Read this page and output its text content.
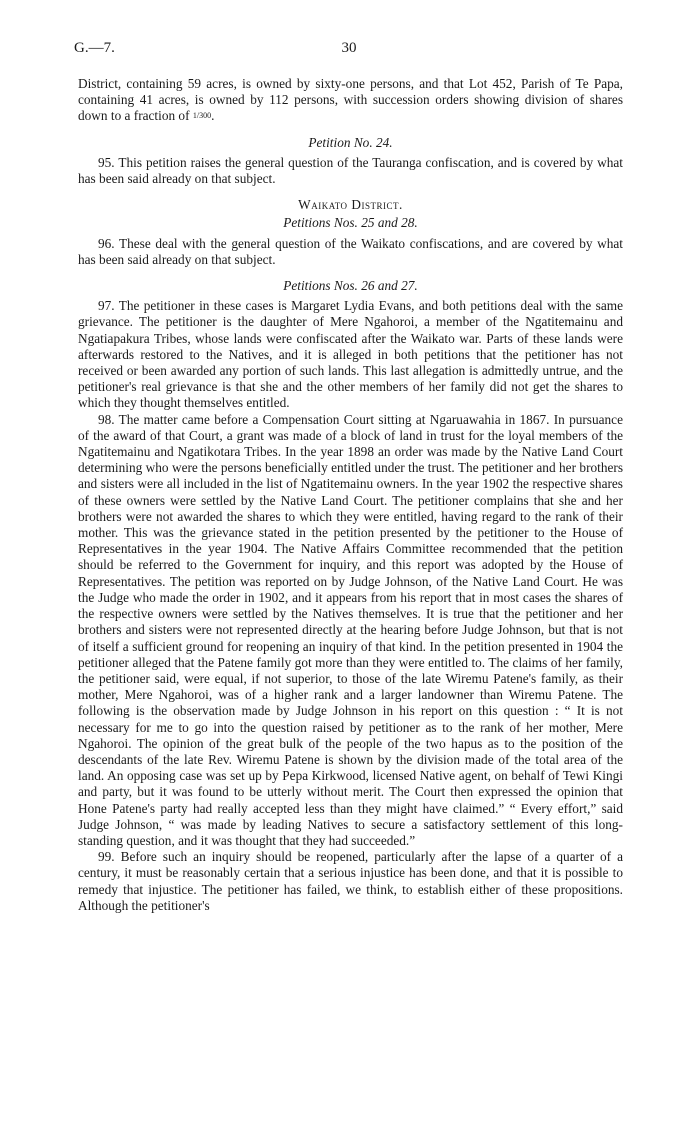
G.—7.	30

District, containing 59 acres, is owned by sixty-one persons, and that Lot 452, Parish of Te Papa, containing 41 acres, is owned by 112 persons, with succession orders showing division of shares down to a fraction of 1/300.

Petition No. 24.

95. This petition raises the general question of the Tauranga confiscation, and is covered by what has been said already on that subject.

Waikato District.
Petitions Nos. 25 and 28.

96. These deal with the general question of the Waikato confiscations, and are covered by what has been said already on that subject.

Petitions Nos. 26 and 27.

97. The petitioner in these cases is Margaret Lydia Evans, and both petitions deal with the same grievance. The petitioner is the daughter of Mere Ngahoroi, a member of the Ngatitemainu and Ngatiapakura Tribes, whose lands were confiscated after the Waikato war. Parts of these lands were afterwards restored to the Natives, and it is alleged in both petitions that the petitioner has not received or been awarded any portion of such lands. This last allegation is admittedly untrue, and the petitioner's real grievance is that she and the other members of her family did not get the shares to which they thought themselves entitled.

98. The matter came before a Compensation Court sitting at Ngaruawahia in 1867. In pursuance of the award of that Court, a grant was made of a block of land in trust for the loyal members of the Ngatitemainu and Ngatikotara Tribes. In the year 1898 an order was made by the Native Land Court determining who were the persons beneficially entitled under the trust. The petitioner and her brothers and sisters were all included in the list of Ngatitemainu owners. In the year 1902 the respective shares of these owners were settled by the Native Land Court. The petitioner complains that she and her brothers were not awarded the shares to which they were entitled, having regard to the rank of their mother. This was the grievance stated in the petition presented by the petitioner to the House of Representatives in the year 1904. The Native Affairs Committee recommended that the petition should be referred to the Government for inquiry, and this report was adopted by the House of Representatives. The petition was reported on by Judge Johnson, of the Native Land Court. He was the Judge who made the order in 1902, and it appears from his report that in most cases the shares of the respective owners were settled by the Natives themselves. It is true that the petitioner and her brothers and sisters were not represented directly at the hearing before Judge Johnson, but that is not of itself a sufficient ground for reopening an inquiry of that kind. In the petition presented in 1904 the petitioner alleged that the Patene family got more than they were entitled to. The claims of her family, the petitioner said, were equal, if not superior, to those of the late Wiremu Patene's family, as their mother, Mere Ngahoroi, was of a higher rank and a larger landowner than Wiremu Patene. The following is the observation made by Judge Johnson in his report on this question : “ It is not necessary for me to go into the question raised by petitioner as to the rank of her mother, Mere Ngahoroi. The opinion of the great bulk of the people of the two hapus as to the position of the descendants of the late Rev. Wiremu Patene is shown by the division made of the total area of the land. An opposing case was set up by Pepa Kirkwood, licensed Native agent, on behalf of Tewi Kingi and party, but it was found to be utterly without merit. The Court then expressed the opinion that Hone Patene's party had really accepted less than they might have claimed.” “ Every effort,” said Judge Johnson, “ was made by leading Natives to secure a satisfactory settlement of this long-standing question, and it was thought that they had succeeded.”

99. Before such an inquiry should be reopened, particularly after the lapse of a quarter of a century, it must be reasonably certain that a serious injustice has been done, and that it is possible to remedy that injustice. The petitioner has failed, we think, to establish either of these propositions. Although the petitioner's
